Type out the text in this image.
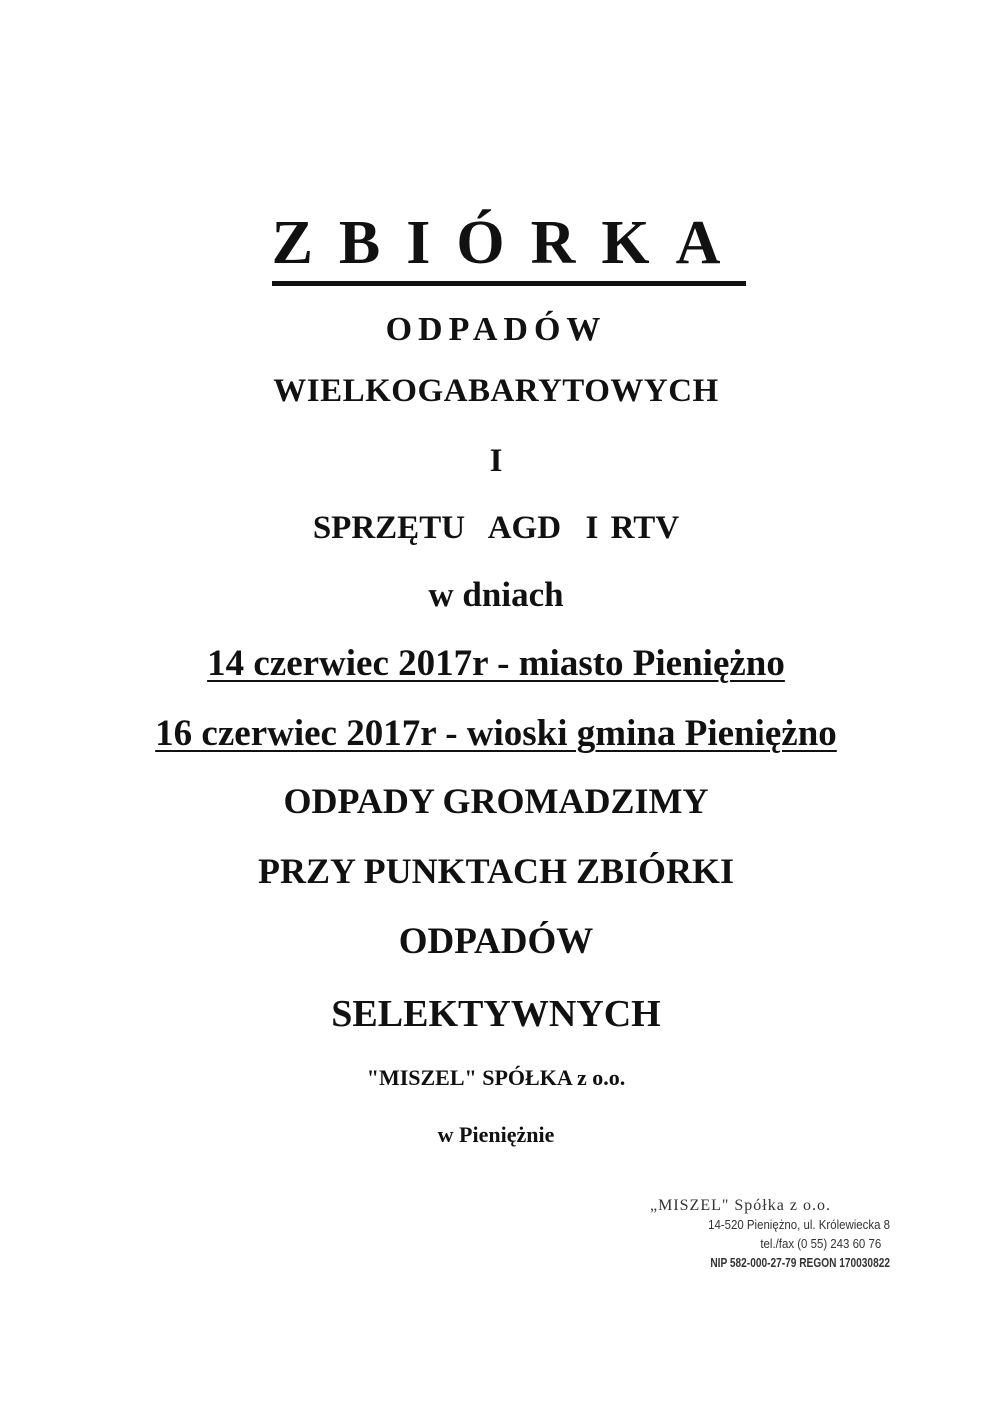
ZBIÓRKA
ODPADÓW
WIELKOGABARYTOWYCH
I
SPRZĘTU  AGD  I RTV
w dniach
14 czerwiec 2017r - miasto Pieniężno
16 czerwiec 2017r - wioski gmina Pieniężno
ODPADY GROMADZIMY
PRZY PUNKTACH ZBIÓRKI
ODPADÓW
SELEKTYWNYCH
"MISZEL" SPÓŁKA z o.o.
w Pieniężnie
„MISZEL" Spółka z o.o.
14-520 Pieniężno, ul. Królewiecka 8
tel./fax (0 55) 243 60 76
NIP 582-000-27-79 REGON 170030822
